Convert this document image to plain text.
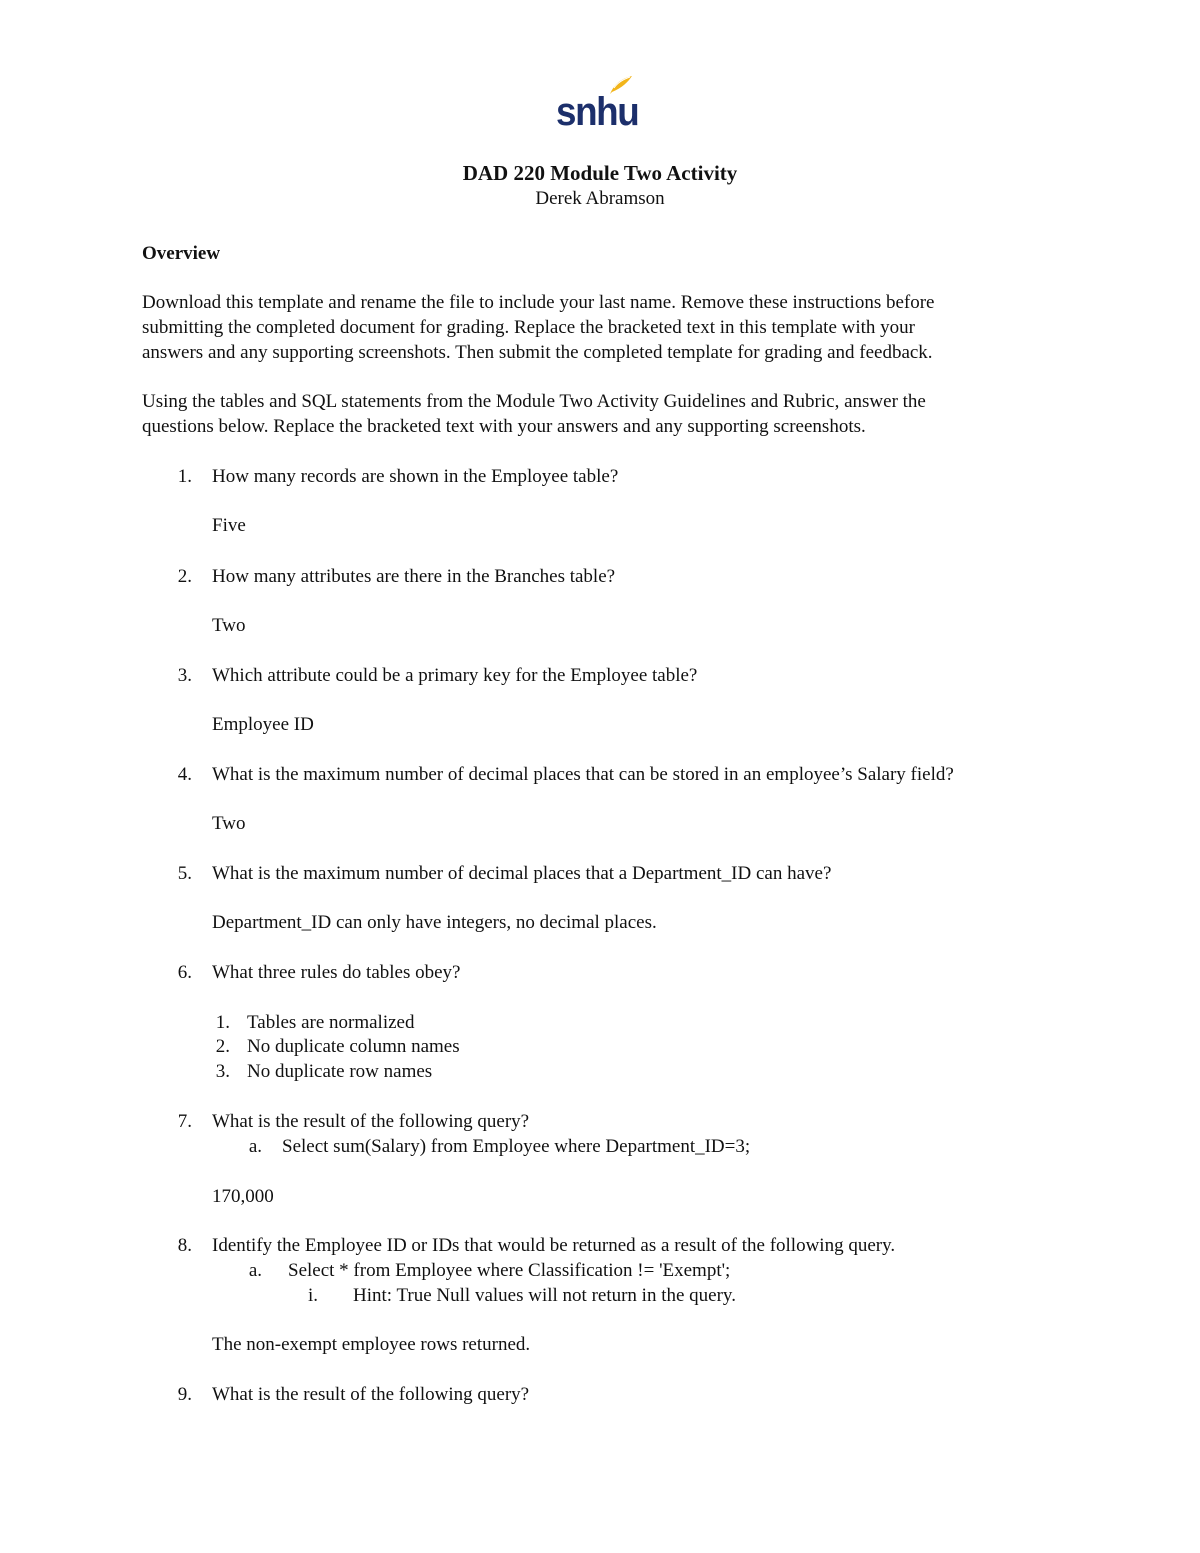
snhu
DAD 220 Module Two Activity
Derek Abramson
Overview
Download this template and rename the file to include your last name. Remove these instructions before
submitting the completed document for grading. Replace the bracketed text in this template with your
answers and any supporting screenshots. Then submit the completed template for grading and feedback.
Using the tables and SQL statements from the Module Two Activity Guidelines and Rubric, answer the
questions below. Replace the bracketed text with your answers and any supporting screenshots.
1. How many records are shown in the Employee table?
Five
2. How many attributes are there in the Branches table?
Two
3. Which attribute could be a primary key for the Employee table?
Employee ID
4. What is the maximum number of decimal places that can be stored in an employee’s Salary field?
Two
5. What is the maximum number of decimal places that a Department_ID can have?
Department_ID can only have integers, no decimal places.
6. What three rules do tables obey?
1. Tables are normalized
2. No duplicate column names
3. No duplicate row names
7. What is the result of the following query?
a. Select sum(Salary) from Employee where Department_ID=3;
170,000
8. Identify the Employee ID or IDs that would be returned as a result of the following query.
a. Select * from Employee where Classification != 'Exempt';
i. Hint: True Null values will not return in the query.
The non-exempt employee rows returned.
9. What is the result of the following query?
